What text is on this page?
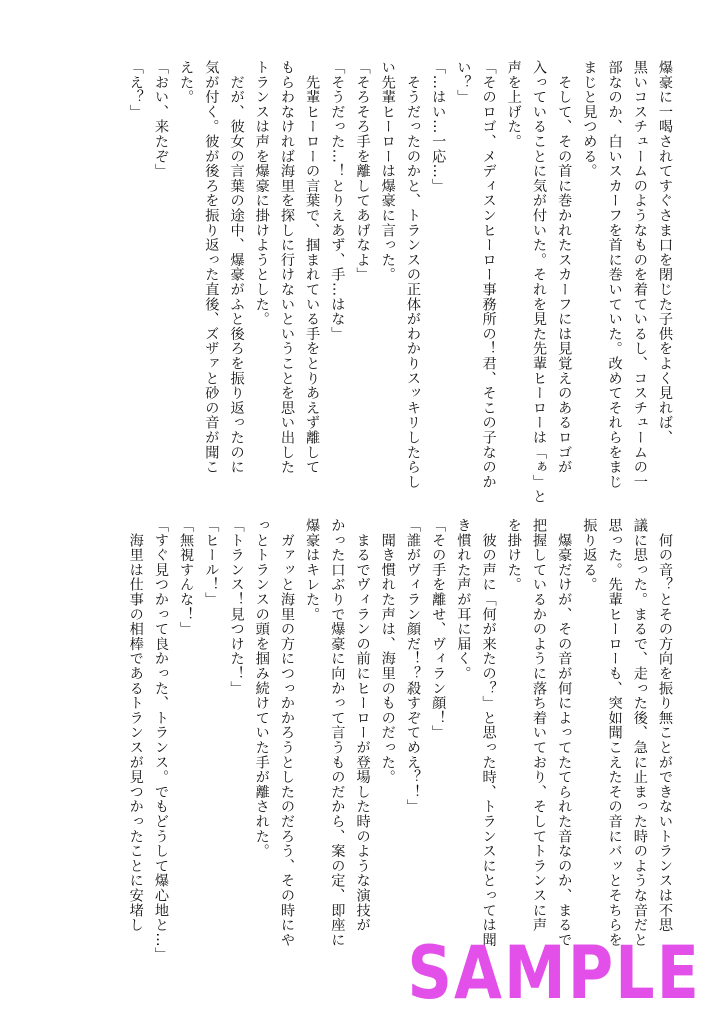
爆豪に一喝されてすぐさま口を閉じた子供をよく見れば、
黒いコスチュームのようなものを着ているし、コスチュームの一
部なのか、白いスカーフを首に巻いていた。改めてそれらをまじ
まじと見つめる。
　そして、その首に巻かれたスカーフには見覚えのあるロゴが
入っていることに気が付いた。それを見た先輩ヒーローは「ぁ」と
声を上げた。
「そのロゴ、メディスンヒーロー事務所の！君、そこの子なのか
い？」
「…はい…一応…」
　そうだったのかと、トランスの正体がわかりスッキリしたらし
い先輩ヒーローは爆豪に言った。
「そろそろ手を離してあげなよ」
「そうだった…！とりえあず、手…はな」
　先輩ヒーローの言葉で、掴まれている手をとりあえず離して
もらわなければ海里を探しに行けないということを思い出した
トランスは声を爆豪に掛けようとした。
　だが、彼女の言葉の途中、爆豪がふと後ろを振り返ったのに
気が付く。彼が後ろを振り返った直後、ズザァと砂の音が聞こ
えた。
「おい、来たぞ」
「え？」
　何の音？とその方向を振り無ことができないトランスは不思
議に思った。まるで、走った後、急に止まった時のような音だと
思った。先輩ヒーローも、突如聞こえたその音にバッとそちらを
振り返る。
　爆豪だけが、その音が何によってたてられた音なのか、まるで
把握しているかのように落ち着いており、そしてトランスに声
を掛けた。
　彼の声に「何が来たの？」と思った時、トランスにとっては聞
き慣れた声が耳に届く。
「その手を離せ、ヴィラン顔！」
「誰がヴィラン顔だ！？殺すぞてめえ？！」
　聞き慣れた声は、海里のものだった。
　まるでヴィランの前にヒーローが登場した時のような演技が
かった口ぶりで爆豪に向かって言うものだから、案の定、即座に
爆豪はキレた。
　ガァッと海里の方につっかかろうとしたのだろう、その時にや
っとトランスの頭を掴み続けていた手が離された。
「トランス！見つけた！」
「ヒール！」
「無視すんな！」
「すぐ見つかって良かった、トランス。でもどうして爆心地と…」
　海里は仕事の相棒であるトランスが見つかったことに安堵し
SAMPLE
